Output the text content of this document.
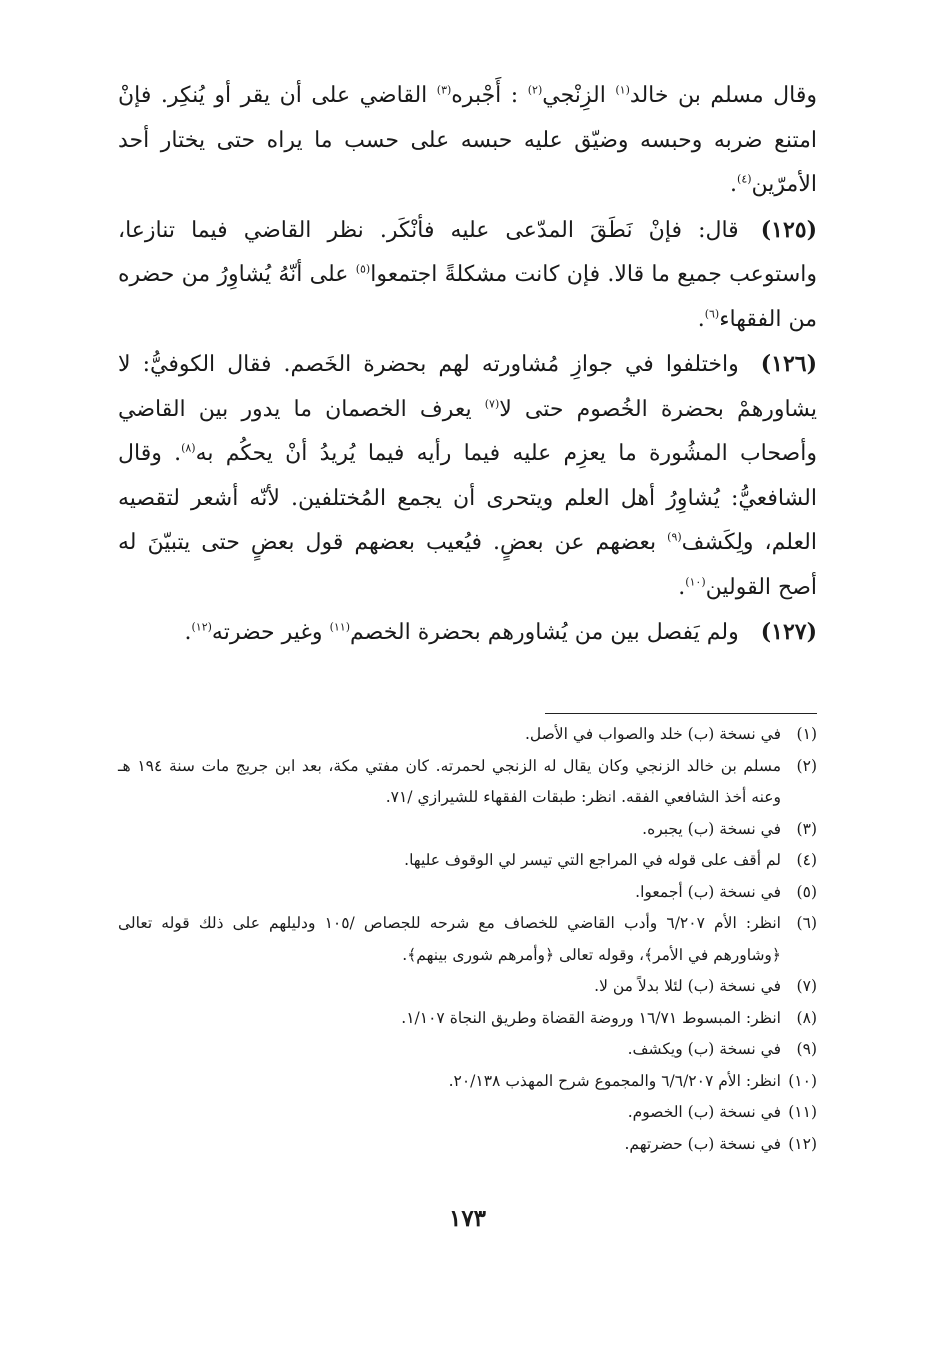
وقال مسلم بن خالد$^{(١)}$ الزِنْجي$^{(٢)}$ : أَجْبره$^{(٣)}$ القاضي على أن يقر أو يُنكِر. فإنْ امتنع ضربه وحبسه وضيّق عليه حبسه على حسب ما يراه حتى يختار أحد الأمرّين$^{(٤)}$.

(١٢٥)قال: فإنْ نَطَقَ المدّعى عليه فأنْكَر. نظر القاضي فيما تنازعا، واستوعب جميع ما قالا. فإن كانت مشكلةً اجتمعوا$^{(٥)}$ على أنّهُ يُشاوِرُ من حضره من الفقهاء$^{(٦)}$.

(١٢٦)واختلفوا في جوازِ مُشاورته لهم بحضرة الخَصم. فقال الكوفيُّ: لا يشاورهمْ بحضرة الخُصوم حتى لا$^{(٧)}$ يعرف الخصمان ما يدور بين القاضي وأصحاب المشُورة ما يعزِم عليه فيما رأيه فيما يُريدُ أنْ يحكُم به$^{(٨)}$. وقال الشافعيُّ: يُشاوِرُ أهل العلم ويتحرى أن يجمع المُختلفين. لأنّه أشعر لتقصيه العلم، ولِكَشف$^{(٩)}$ بعضهم عن بعضٍ. فيُعيب بعضهم قول بعضٍ حتى يتبيّنَ له أصح القولين$^{(١٠)}$.

(١٢٧)ولم يَفصل بين من يُشاورهم بحضرة الخصم$^{(١١)}$ وغير حضرته$^{(١٢)}$.

(١)
في نسخة (ب) خلد والصواب في الأصل.
(٢)
مسلم بن خالد الزنجي وكان يقال له الزنجي لحمرته. كان مفتي مكة، بعد ابن جريج مات سنة ١٩٤ هـ وعنه أخذ الشافعي الفقه. انظر: طبقات الفقهاء للشيرازي /٧١.
(٣)
في نسخة (ب) يجبره.
(٤)
لم أقف على قوله في المراجع التي تيسر لي الوقوف عليها.
(٥)
في نسخة (ب) أجمعوا.
(٦)
انظر: الأم ٦/٢٠٧ وأدب القاضي للخصاف مع شرحه للجصاص /١٠٥ ودليلهم على ذلك قوله تعالى ﴿وشاورهم في الأمر﴾، وقوله تعالى ﴿وأمرهم شورى بينهم﴾.
(٧)
في نسخة (ب) لئلا بدلاً من لا.
(٨)
انظر: المبسوط ١٦/٧١ وروضة القضاة وطريق النجاة ١/١٠٧.
(٩)
في نسخة (ب) ويكشف.
(١٠)
انظر: الأم ٦/٦/٢٠٧ والمجموع شرح المهذب ٢٠/١٣٨.
(١١)
في نسخة (ب) الخصوم.
(١٢)
في نسخة (ب) حضرتهم.
١٧٣
